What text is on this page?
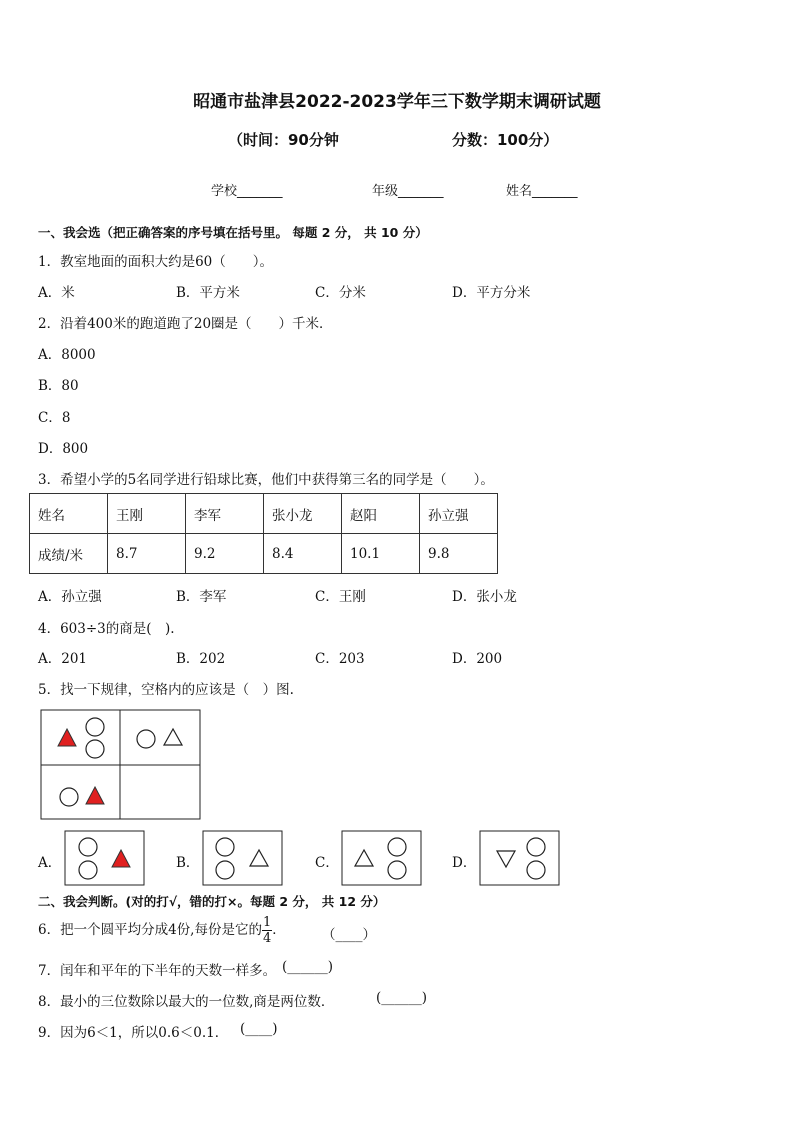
昭通市盐津县2022-2023学年三下数学期末调研试题
（时间：90分钟	分数：100分）
学校_______	年级_______	姓名_______
一、我会选（把正确答案的序号填在括号里。 每题 2 分， 共 10 分）
1．教室地面的面积大约是60（　　）。
A．米	B．平方米	C．分米	D．平方分米
2．沿着400米的跑道跑了20圈是（　　）千米．
A．8000
B．80
C．8
D．800
3．希望小学的5名同学进行铅球比赛，他们中获得第三名的同学是（　　）。
姓名	王刚	李军	张小龙	赵阳	孙立强
成绩/米	8.7	9.2	8.4	10.1	9.8
A．孙立强	B．李军	C．王刚	D．张小龙
4．603÷3的商是(　).
A．201	B．202	C．203	D．200
5．找一下规律，空格内的应该是（　）图.
A．	B．	C．	D．
二、我会判断。(对的打√，错的打×。每题 2 分， 共 12 分）
6．把一个圆平均分成4份,每份是它的 $\frac{1}{4}$ ．	（____）
7．闰年和平年的下半年的天数一样多。 (______)
8．最小的三位数除以最大的一位数,商是两位数．	(______)
9．因为6＜1，所以0.6＜0.1． (____)
